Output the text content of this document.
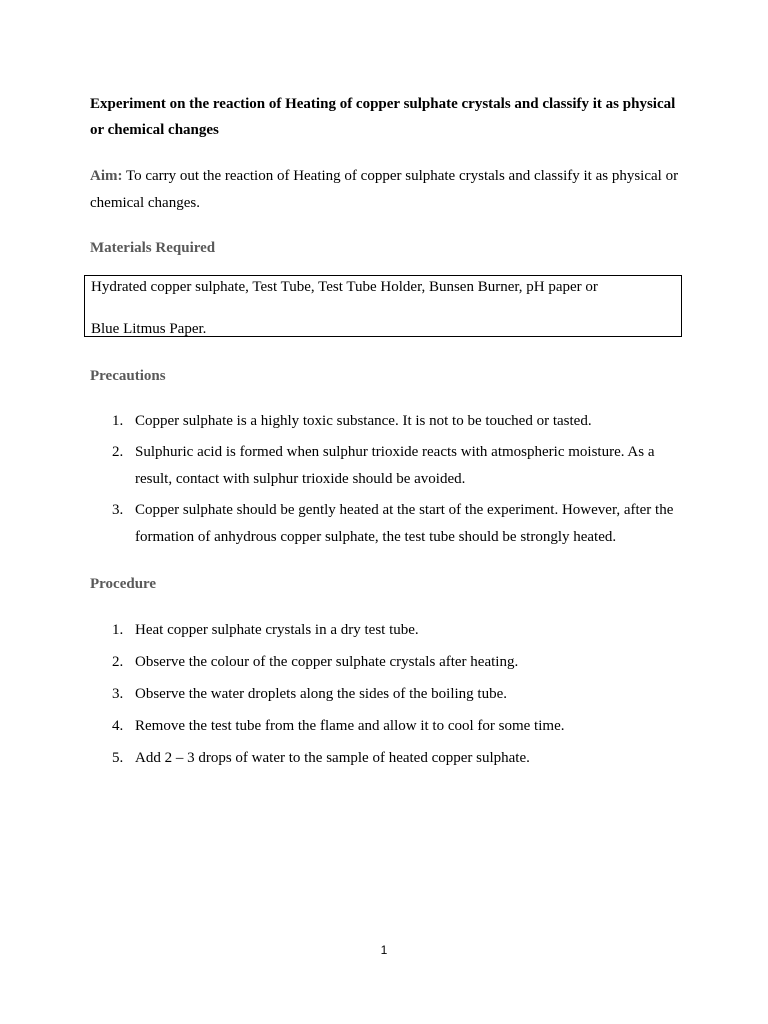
Experiment on the reaction of Heating of copper sulphate crystals and classify it as physical or chemical changes
Aim: To carry out the reaction of Heating of copper sulphate crystals and classify it as physical or chemical changes.
Materials Required
Hydrated copper sulphate, Test Tube, Test Tube Holder, Bunsen Burner, pH paper or
Blue Litmus Paper.
Precautions
1. Copper sulphate is a highly toxic substance. It is not to be touched or tasted.
2. Sulphuric acid is formed when sulphur trioxide reacts with atmospheric moisture. As a result, contact with sulphur trioxide should be avoided.
3. Copper sulphate should be gently heated at the start of the experiment. However, after the formation of anhydrous copper sulphate, the test tube should be strongly heated.
Procedure
1. Heat copper sulphate crystals in a dry test tube.
2. Observe the colour of the copper sulphate crystals after heating.
3. Observe the water droplets along the sides of the boiling tube.
4. Remove the test tube from the flame and allow it to cool for some time.
5. Add 2 – 3 drops of water to the sample of heated copper sulphate.
1
